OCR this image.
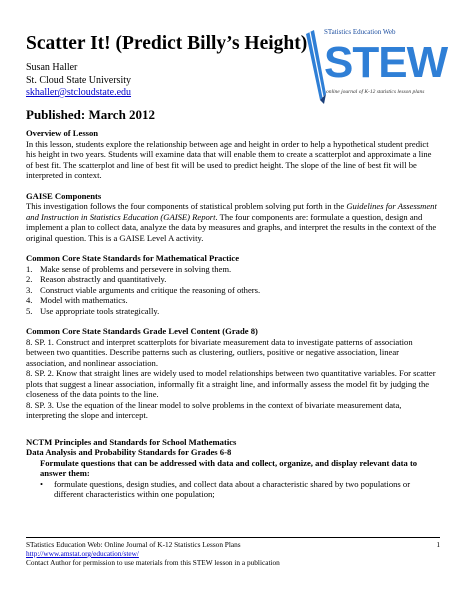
Scatter It! (Predict Billy’s Height)
Susan Haller
St. Cloud State University
skhaller@stcloudstate.edu
Published: March 2012
STatistics Education Web
STEW
online journal of K-12 statistics lesson plans

Overview of Lesson

In this lesson, students explore the relationship between age and height in order to help a hypothetical student predict his height in two years. Students will examine data that will enable them to create a scatterplot and approximate a line of best fit. The scatterplot and line of best fit will be used to predict height. The slope of the line of best fit will be interpreted in context.

GAISE Components

This investigation follows the four components of statistical problem solving put forth in the Guidelines for Assessment and Instruction in Statistics Education (GAISE) Report. The four components are: formulate a question, design and implement a plan to collect data, analyze the data by measures and graphs, and interpret the results in the context of the original question. This is a GAISE Level A activity.

Common Core State Standards for Mathematical Practice

1. Make sense of problems and persevere in solving them.
2. Reason abstractly and quantitatively.
3. Construct viable arguments and critique the reasoning of others.
4. Model with mathematics.
5. Use appropriate tools strategically.

Common Core State Standards Grade Level Content (Grade 8)

8. SP. 1. Construct and interpret scatterplots for bivariate measurement data to investigate patterns of association between two quantities. Describe patterns such as clustering, outliers, positive or negative association, linear association, and nonlinear association.

8. SP. 2. Know that straight lines are widely used to model relationships between two quantitative variables. For scatter plots that suggest a linear association, informally fit a straight line, and informally assess the model fit by judging the closeness of the data points to the line.

8. SP. 3. Use the equation of the linear model to solve problems in the context of bivariate measurement data, interpreting the slope and intercept.

NCTM Principles and Standards for School Mathematics

Data Analysis and Probability Standards for Grades 6-8

Formulate questions that can be addressed with data and collect, organize, and display relevant data to answer them:

•	formulate questions, design studies, and collect data about a characteristic shared by two populations or different characteristics within one population;
STatistics Education Web: Online Journal of K-12 Statistics Lesson Plans	1
http://www.amstat.org/education/stew/
Contact Author for permission to use materials from this STEW lesson in a publication
